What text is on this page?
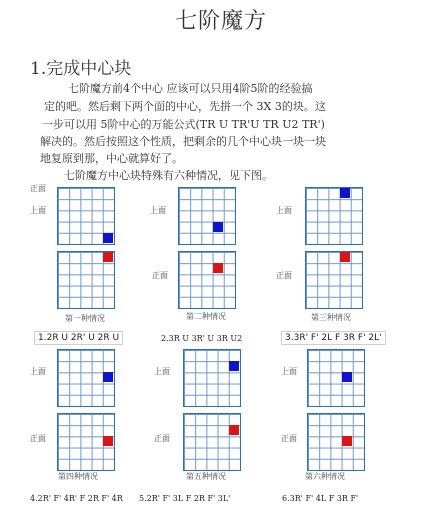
七阶魔方
1.完成中心块
七阶魔方前4个中心 应该可以只用4阶5阶的经验搞
定的吧。然后剩下两个面的中心，先拼一个 3X 3的块。这
一步可以用 5阶中心的万能公式(TR U TR'U TR U2 TR')
解决的。然后按照这个性质，把剩余的几个中心块一块一块
地复原到那，中心就算好了。
七阶魔方中心块特殊有六种情况，见下图。
正面
上面
第一种情况
1.2R U 2R' U 2R U
上面
正面
第二种情况
2.3R U 3R' U 3R U2
上面
正面
第三种情况
3.3R' F' 2L F 3R F' 2L'
上面
正面
第四种情况
上面
正面
第五种情况
上面
正面
第六种情况
4.2R' F' 4R' F 2R F' 4R 5.2R' F' 3L F 2R F' 3L'	6.3R' F' 4L F 3R F'
